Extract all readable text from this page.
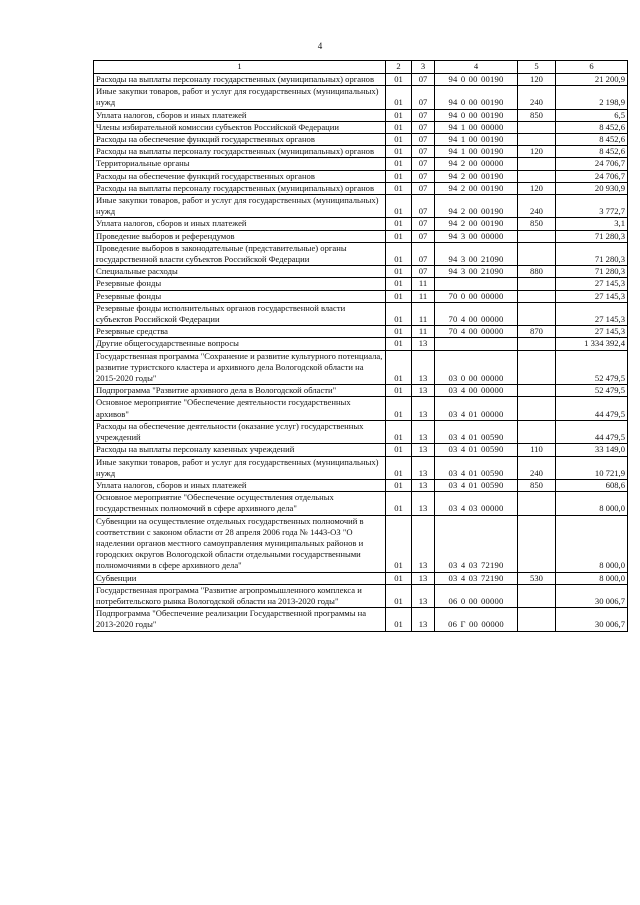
4
1	2	3	4	5	6
Расходы на выплаты персоналу государственных (муниципальных) органов	01	07	94 0 00 00190	120	21 200,9
Иные закупки товаров, работ и услуг для государственных (муниципальных) нужд	01	07	94 0 00 00190	240	2 198,9
Уплата налогов, сборов и иных платежей	01	07	94 0 00 00190	850	6,5
Члены избирательной комиссии субъектов Российской Федерации	01	07	94 1 00 00000		8 452,6
Расходы на обеспечение функций государственных органов	01	07	94 1 00 00190		8 452,6
Расходы на выплаты персоналу государственных (муниципальных) органов	01	07	94 1 00 00190	120	8 452,6
Территориальные органы	01	07	94 2 00 00000		24 706,7
Расходы на обеспечение функций государственных органов	01	07	94 2 00 00190		24 706,7
Расходы на выплаты персоналу государственных (муниципальных) органов	01	07	94 2 00 00190	120	20 930,9
Иные закупки товаров, работ и услуг для государственных (муниципальных) нужд	01	07	94 2 00 00190	240	3 772,7
Уплата налогов, сборов и иных платежей	01	07	94 2 00 00190	850	3,1
Проведение выборов и референдумов	01	07	94 3 00 00000		71 280,3
Проведение выборов в законодательные (представительные) органы государственной власти субъектов Российской Федерации	01	07	94 3 00 21090		71 280,3
Специальные расходы	01	07	94 3 00 21090	880	71 280,3
Резервные фонды	01	11			27 145,3
Резервные фонды	01	11	70 0 00 00000		27 145,3
Резервные фонды исполнительных органов государственной власти субъектов Российской Федерации	01	11	70 4 00 00000		27 145,3
Резервные средства	01	11	70 4 00 00000	870	27 145,3
Другие общегосударственные вопросы	01	13			1 334 392,4
Государственная программа "Сохранение и развитие культурного потенциала, развитие туристского кластера и архивного дела Вологодской области на 2015-2020 годы"	01	13	03 0 00 00000		52 479,5
Подпрограмма "Развитие архивного дела в Вологодской области"	01	13	03 4 00 00000		52 479,5
Основное мероприятие "Обеспечение деятельности государственных архивов"	01	13	03 4 01 00000		44 479,5
Расходы на обеспечение деятельности (оказание услуг) государственных учреждений	01	13	03 4 01 00590		44 479,5
Расходы на выплаты персоналу казенных учреждений	01	13	03 4 01 00590	110	33 149,0
Иные закупки товаров, работ и услуг для государственных (муниципальных) нужд	01	13	03 4 01 00590	240	10 721,9
Уплата налогов, сборов и иных платежей	01	13	03 4 01 00590	850	608,6
Основное мероприятие "Обеспечение осуществления отдельных государственных полномочий в сфере архивного дела"	01	13	03 4 03 00000		8 000,0
Субвенции на осуществление отдельных государственных полномочий в соответствии с законом области от 28 апреля 2006 года № 1443-ОЗ "О наделении органов местного самоуправления муниципальных районов и городских округов Вологодской области отдельными государственными полномочиями в сфере архивного дела"	01	13	03 4 03 72190		8 000,0
Субвенции	01	13	03 4 03 72190	530	8 000,0
Государственная программа "Развитие агропромышленного комплекса и потребительского рынка Вологодской области на 2013-2020 годы"	01	13	06 0 00 00000		30 006,7
Подпрограмма "Обеспечение реализации Государственной программы на 2013-2020 годы"	01	13	06 Г 00 00000		30 006,7
